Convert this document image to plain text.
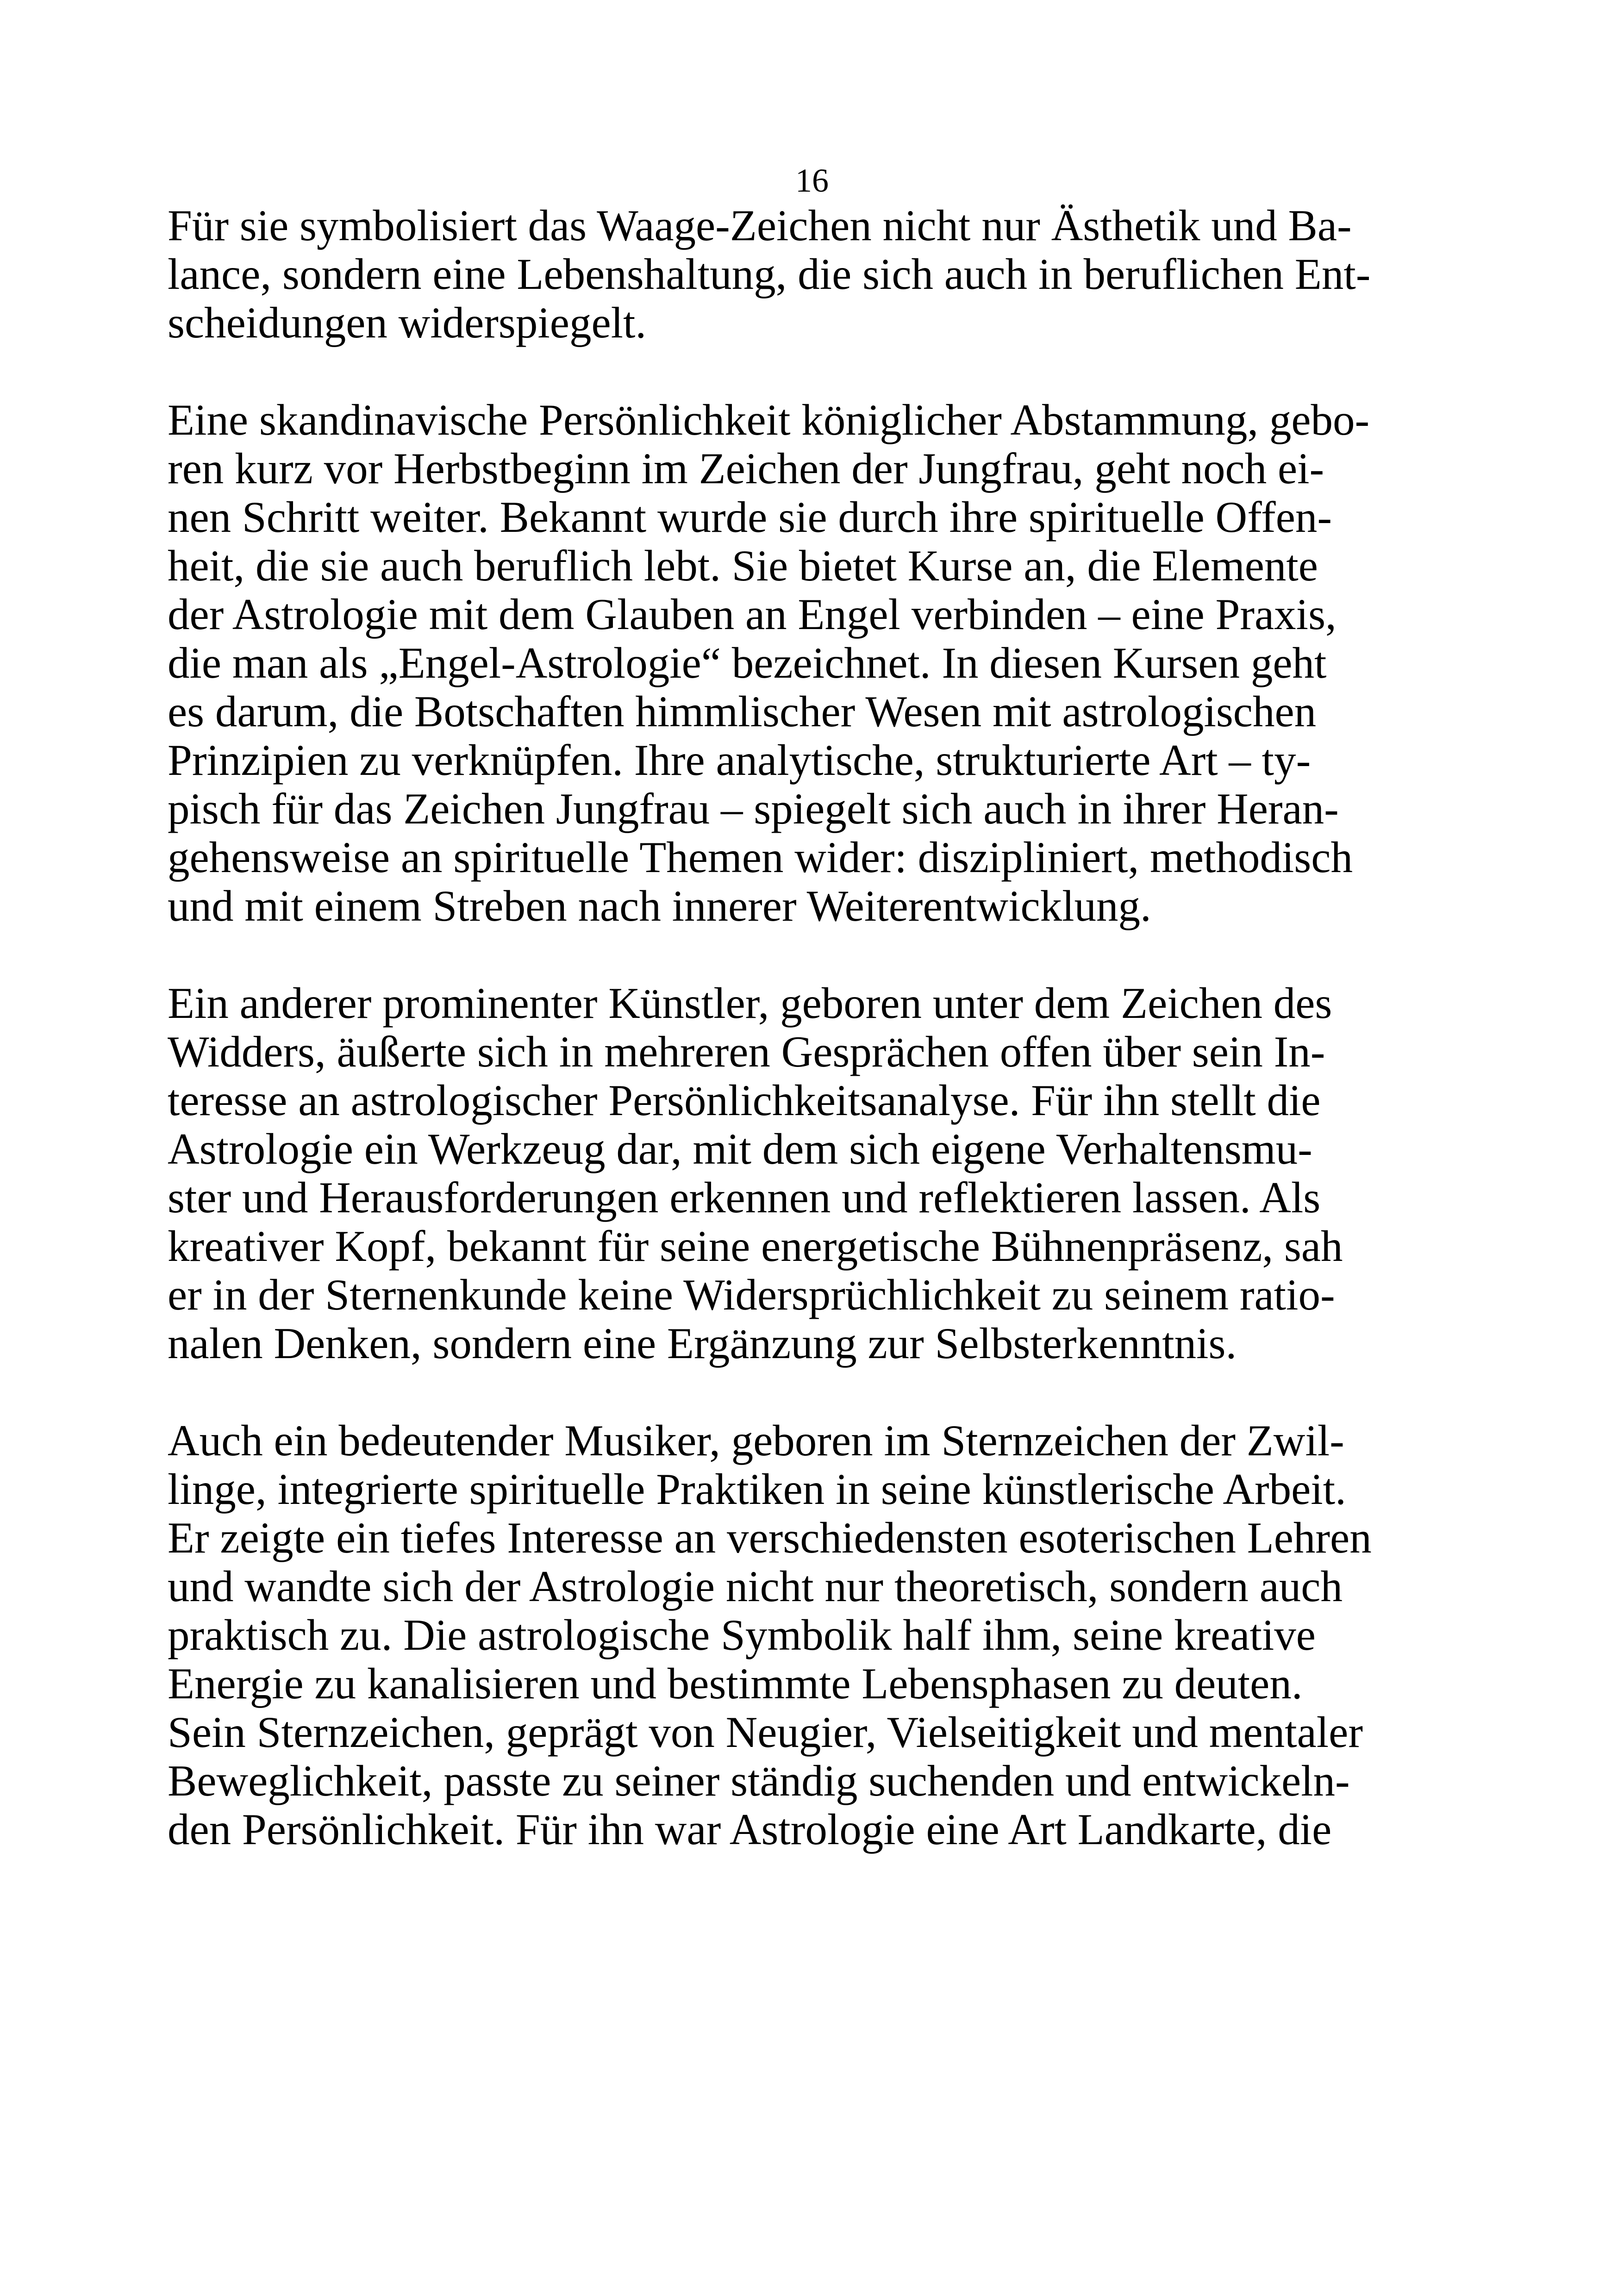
16

Für sie symbolisiert das Waage-Zeichen nicht nur Ästhetik und Ba-
lance, sondern eine Lebenshaltung, die sich auch in beruflichen Ent-
scheidungen widerspiegelt.

Eine skandinavische Persönlichkeit königlicher Abstammung, gebo-
ren kurz vor Herbstbeginn im Zeichen der Jungfrau, geht noch ei-
nen Schritt weiter. Bekannt wurde sie durch ihre spirituelle Offen-
heit, die sie auch beruflich lebt. Sie bietet Kurse an, die Elemente
der Astrologie mit dem Glauben an Engel verbinden – eine Praxis,
die man als „Engel-Astrologie“ bezeichnet. In diesen Kursen geht
es darum, die Botschaften himmlischer Wesen mit astrologischen
Prinzipien zu verknüpfen. Ihre analytische, strukturierte Art – ty-
pisch für das Zeichen Jungfrau – spiegelt sich auch in ihrer Heran-
gehensweise an spirituelle Themen wider: diszipliniert, methodisch
und mit einem Streben nach innerer Weiterentwicklung.

Ein anderer prominenter Künstler, geboren unter dem Zeichen des
Widders, äußerte sich in mehreren Gesprächen offen über sein In-
teresse an astrologischer Persönlichkeitsanalyse. Für ihn stellt die
Astrologie ein Werkzeug dar, mit dem sich eigene Verhaltensmu-
ster und Herausforderungen erkennen und reflektieren lassen. Als
kreativer Kopf, bekannt für seine energetische Bühnenpräsenz, sah
er in der Sternenkunde keine Widersprüchlichkeit zu seinem ratio-
nalen Denken, sondern eine Ergänzung zur Selbsterkenntnis.

Auch ein bedeutender Musiker, geboren im Sternzeichen der Zwil-
linge, integrierte spirituelle Praktiken in seine künstlerische Arbeit.
Er zeigte ein tiefes Interesse an verschiedensten esoterischen Lehren
und wandte sich der Astrologie nicht nur theoretisch, sondern auch
praktisch zu. Die astrologische Symbolik half ihm, seine kreative
Energie zu kanalisieren und bestimmte Lebensphasen zu deuten.
Sein Sternzeichen, geprägt von Neugier, Vielseitigkeit und mentaler
Beweglichkeit, passte zu seiner ständig suchenden und entwickeln-
den Persönlichkeit. Für ihn war Astrologie eine Art Landkarte, die
